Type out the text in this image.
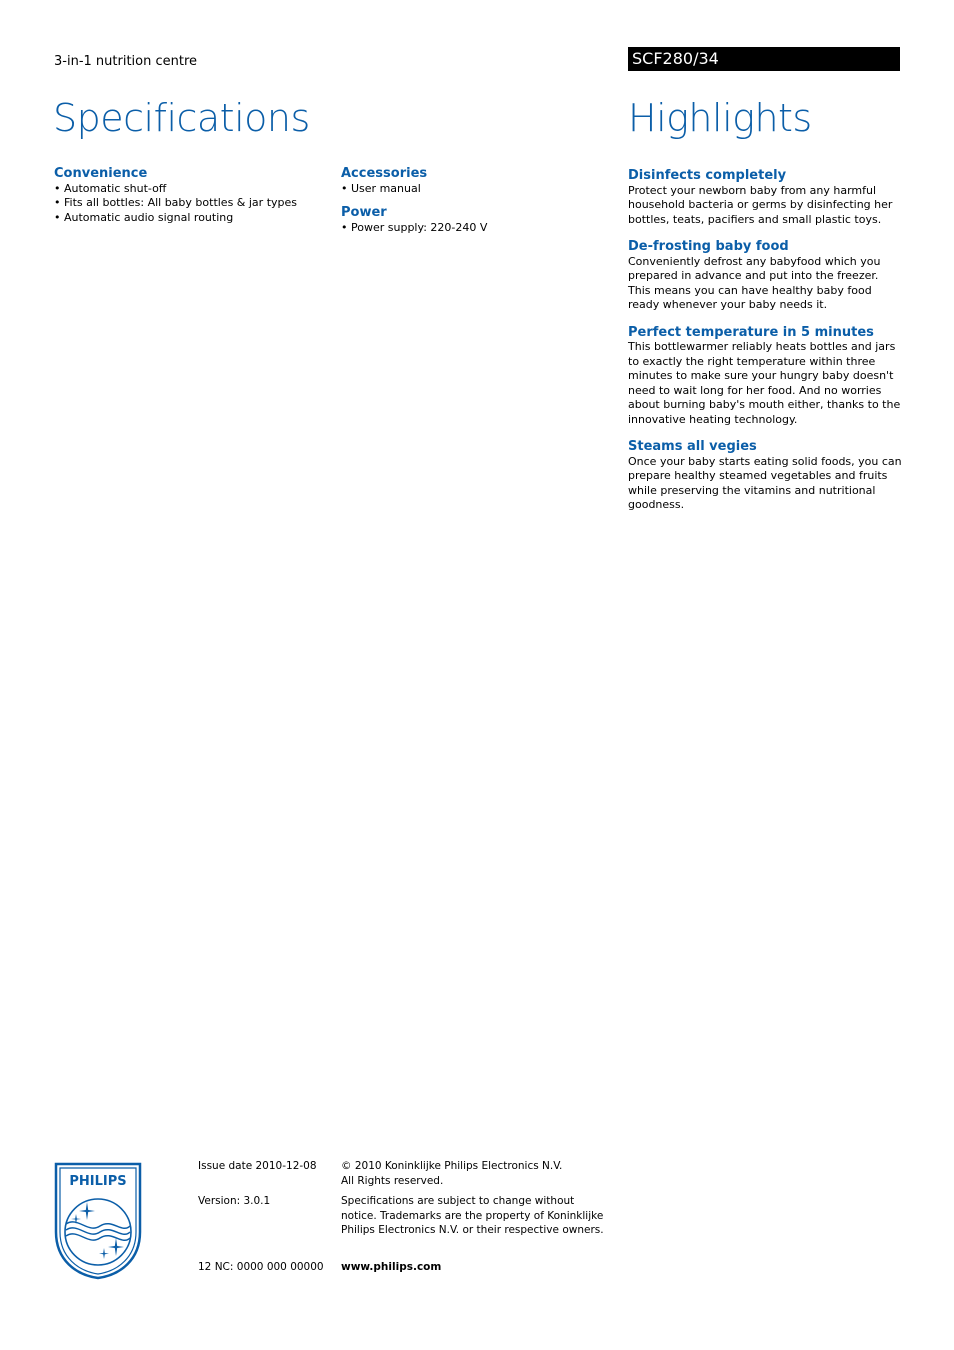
3-in-1 nutrition centre	SCF280/34
Specifications	Highlights
Convenience
• Automatic shut-off
• Fits all bottles: All baby bottles & jar types
• Automatic audio signal routing
Accessories
• User manual
Power
• Power supply: 220-240 V
Disinfects completely

Protect your newborn baby from any harmful household bacteria or germs by disinfecting her bottles, teats, pacifiers and small plastic toys.

De-frosting baby food

Conveniently defrost any babyfood which you prepared in advance and put into the freezer. This means you can have healthy baby food ready whenever your baby needs it.

Perfect temperature in 5 minutes

This bottlewarmer reliably heats bottles and jars to exactly the right temperature within three minutes to make sure your hungry baby doesn't need to wait long for her food. And no worries about burning baby's mouth either, thanks to the innovative heating technology.

Steams all vegies

Once your baby starts eating solid foods, you can prepare healthy steamed vegetables and fruits while preserving the vitamins and nutritional goodness.

PHILIPS
Issue date 2010-12-08
Version: 3.0.1
12 NC: 0000 000 00000
© 2010 Koninklijke Philips Electronics N.V.
All Rights reserved.
Specifications are subject to change without notice. Trademarks are the property of Koninklijke Philips Electronics N.V. or their respective owners.
www.philips.com
